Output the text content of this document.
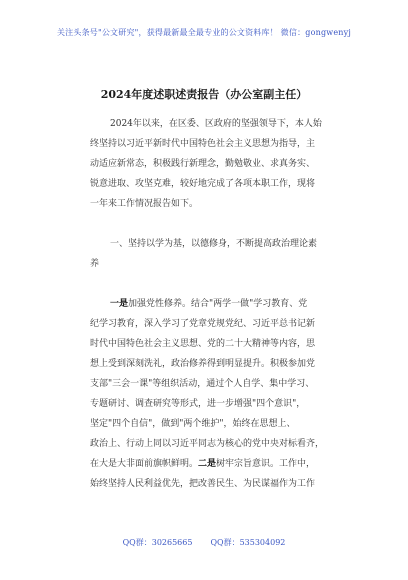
关注头条号"公文研究"，获得最新最全最专业的公文资料库！ 微信：gongwenyj
2024年度述职述责报告（办公室副主任）
2024年以来，在区委、区政府的坚强领导下，本人始
终坚持以习近平新时代中国特色社会主义思想为指导，主
动适应新常态，积极践行新理念，勤勉敬业、求真务实、
锐意进取、攻坚克难，较好地完成了各项本职工作，现将
一年来工作情况报告如下。
一、坚持以学为基，以德修身，不断提高政治理论素
养
一是加强党性修养。结合"两学一做"学习教育、党
纪学习教育，深入学习了党章党规党纪、习近平总书记新
时代中国特色社会主义思想、党的二十大精神等内容，思
想上受到深刻洗礼，政治修养得到明显提升。积极参加党
支部"三会一课"等组织活动，通过个人自学、集中学习、
专题研讨、调查研究等形式，进一步增强"四个意识"，
坚定"四个自信"，做到"两个维护"，始终在思想上、
政治上、行动上同以习近平同志为核心的党中央对标看齐，
在大是大非面前旗帜鲜明。二是树牢宗旨意识。工作中，
始终坚持人民利益优先，把改善民生、为民谋福作为工作
QQ群：30265665 QQ群：535304092
